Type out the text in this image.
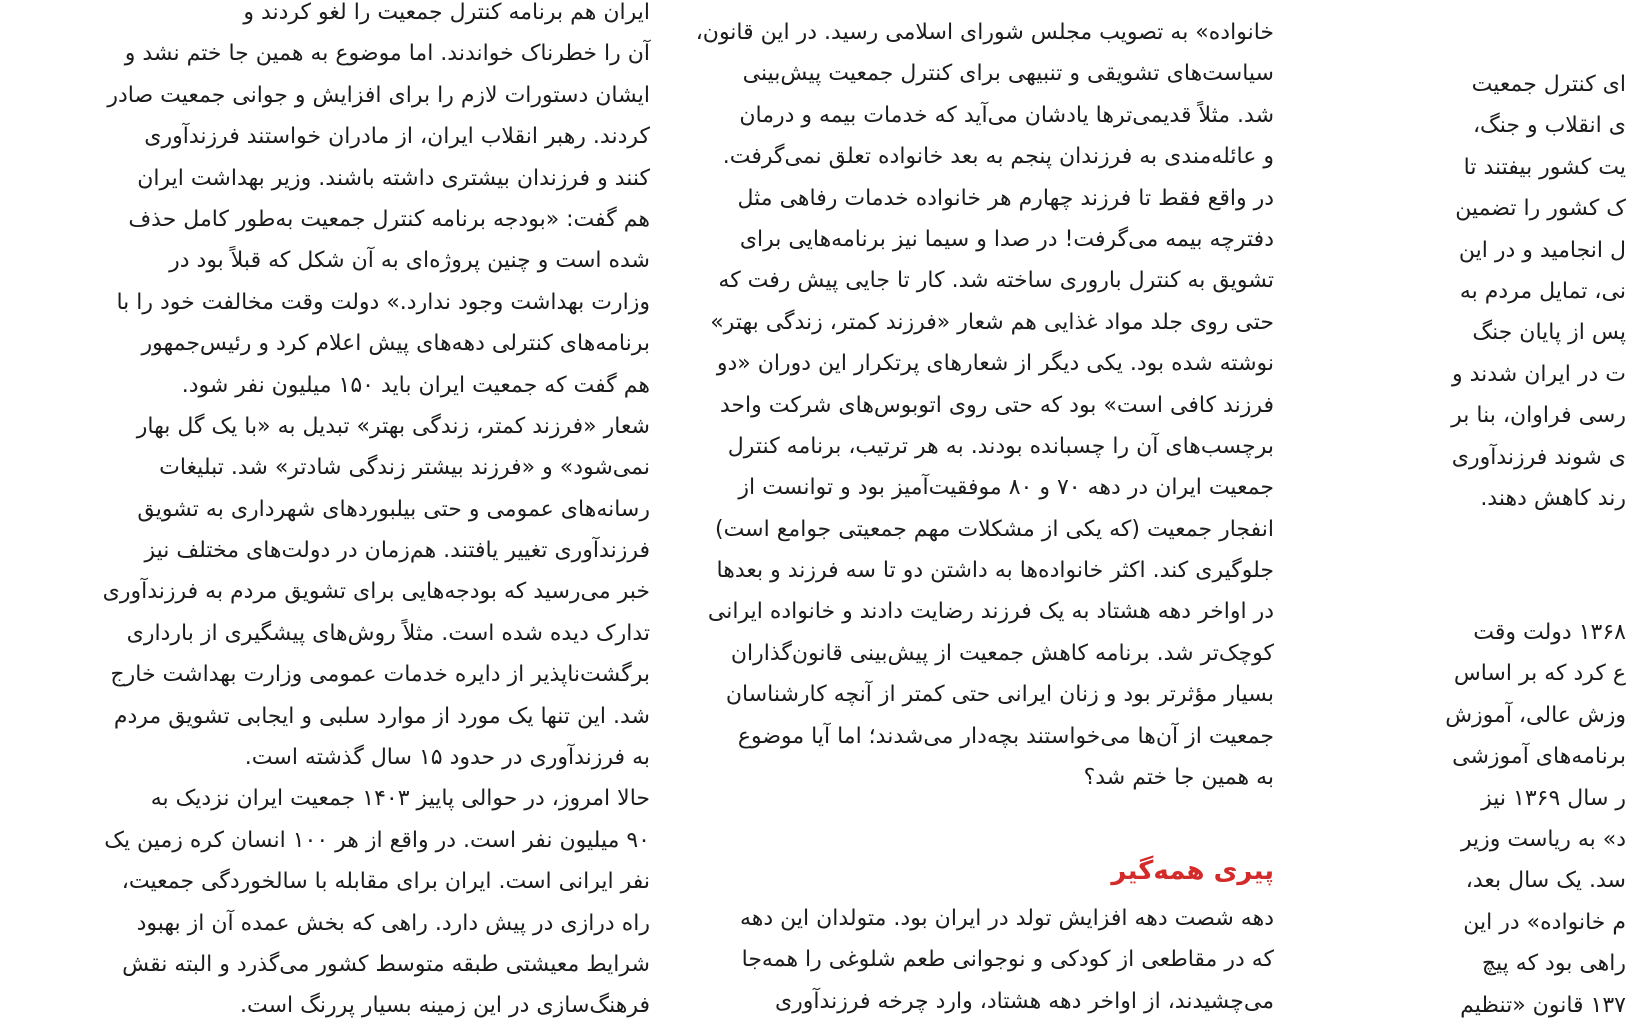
ایران هم برنامه کنترل جمعیت را لغو کردند و
آن را خطرناک خواندند. اما موضوع به همین جا ختم نشد و
ایشان دستورات لازم را برای افزایش و جوانی جمعیت صادر
کردند. رهبر انقلاب ایران، از مادران خواستند فرزندآوری
کنند و فرزندان بیشتری داشته باشند. وزیر بهداشت ایران
هم گفت: «بودجه برنامه کنترل جمعیت به‌طور کامل حذف
شده است و چنین پروژه‌ای به آن شکل که قبلاً بود در
وزارت بهداشت وجود ندارد.» دولت وقت مخالفت خود را با
برنامه‌های کنترلی دهه‌های پیش اعلام کرد و رئیس‌جمهور
هم گفت که جمعیت ایران باید ۱۵۰ میلیون نفر شود.
شعار «فرزند کمتر، زندگی بهتر» تبدیل به «با یک گل بهار
نمی‌شود» و «فرزند بیشتر زندگی شادتر» شد. تبلیغات
رسانه‌های عمومی و حتی بیلبوردهای شهرداری به تشویق
فرزندآوری تغییر یافتند. هم‌زمان در دولت‌های مختلف نیز
خبر می‌رسید که بودجه‌هایی برای تشویق مردم به فرزندآوری
تدارک دیده شده است. مثلاً روش‌های پیشگیری از بارداری
برگشت‌ناپذیر از دایره خدمات عمومی وزارت بهداشت خارج
شد. این تنها یک مورد از موارد سلبی و ایجابی تشویق مردم
به فرزندآوری در حدود ۱۵ سال گذشته است.
حالا امروز، در حوالی پاییز ۱۴۰۳ جمعیت ایران نزدیک به
۹۰ میلیون نفر است. در واقع از هر ۱۰۰ انسان کره زمین یک
نفر ایرانی است. ایران برای مقابله با سالخوردگی جمعیت،
راه درازی در پیش دارد. راهی که بخش عمده آن از بهبود
شرایط معیشتی طبقه متوسط کشور می‌گذرد و البته نقش
فرهنگ‌سازی در این زمینه بسیار پررنگ است.
خانواده» به تصویب مجلس شورای اسلامی رسید. در این قانون،
سیاست‌های تشویقی و تنبیهی برای کنترل جمعیت پیش‌بینی
شد. مثلاً قدیمی‌ترها یادشان می‌آید که خدمات بیمه و درمان
و عائله‌مندی به فرزندان پنجم به بعد خانواده تعلق نمی‌گرفت.
در واقع فقط تا فرزند چهارم هر خانواده خدمات رفاهی مثل
دفترچه بیمه می‌گرفت! در صدا و سیما نیز برنامه‌هایی برای
تشویق به کنترل باروری ساخته شد. کار تا جایی پیش رفت که
حتی روی جلد مواد غذایی هم شعار «فرزند کمتر، زندگی بهتر»
نوشته شده بود. یکی دیگر از شعارهای پرتکرار این دوران «دو
فرزند کافی است» بود که حتی روی اتوبوس‌های شرکت واحد
برچسب‌های آن را چسبانده بودند. به هر ترتیب، برنامه کنترل
جمعیت ایران در دهه ۷۰ و ۸۰ موفقیت‌آمیز بود و توانست از
انفجار جمعیت (که یکی از مشکلات مهم جمعیتی جوامع است)
جلوگیری کند. اکثر خانواده‌ها به داشتن دو تا سه فرزند و بعدها
در اواخر دهه هشتاد به یک فرزند رضایت دادند و خانواده ایرانی
کوچک‌تر شد. برنامه کاهش جمعیت از پیش‌بینی قانون‌گذاران
بسیار مؤثرتر بود و زنان ایرانی حتی کمتر از آنچه کارشناسان
جمعیت از آن‌ها می‌خواستند بچه‌دار می‌شدند؛ اما آیا موضوع
به همین جا ختم شد؟
پیری همه‌گیر
دهه شصت دهه افزایش تولد در ایران بود. متولدان این دهه
که در مقاطعی از کودکی و نوجوانی طعم شلوغی را همه‌جا
می‌چشیدند، از اواخر دهه هشتاد، وارد چرخه فرزندآوری
ای کنترل جمعیت
ی انقلاب و جنگ،
یت کشور بیفتند تا
ک کشور را تضمین
ل انجامید و در این
نی، تمایل مردم به
پس از پایان جنگ
ت در ایران شدند و
رسی فراوان، بنا بر
ی شوند فرزندآوری
رند کاهش دهند.
۱۳۶۸ دولت وقت
ع کرد که بر اساس
وزش عالی، آموزش
برنامه‌های آموزشی
ر سال ۱۳۶۹ نیز
د» به ریاست وزیر
سد. یک سال بعد،
م خانواده» در این
راهی بود که پیچ
۱۳۷ قانون «تنظیم
